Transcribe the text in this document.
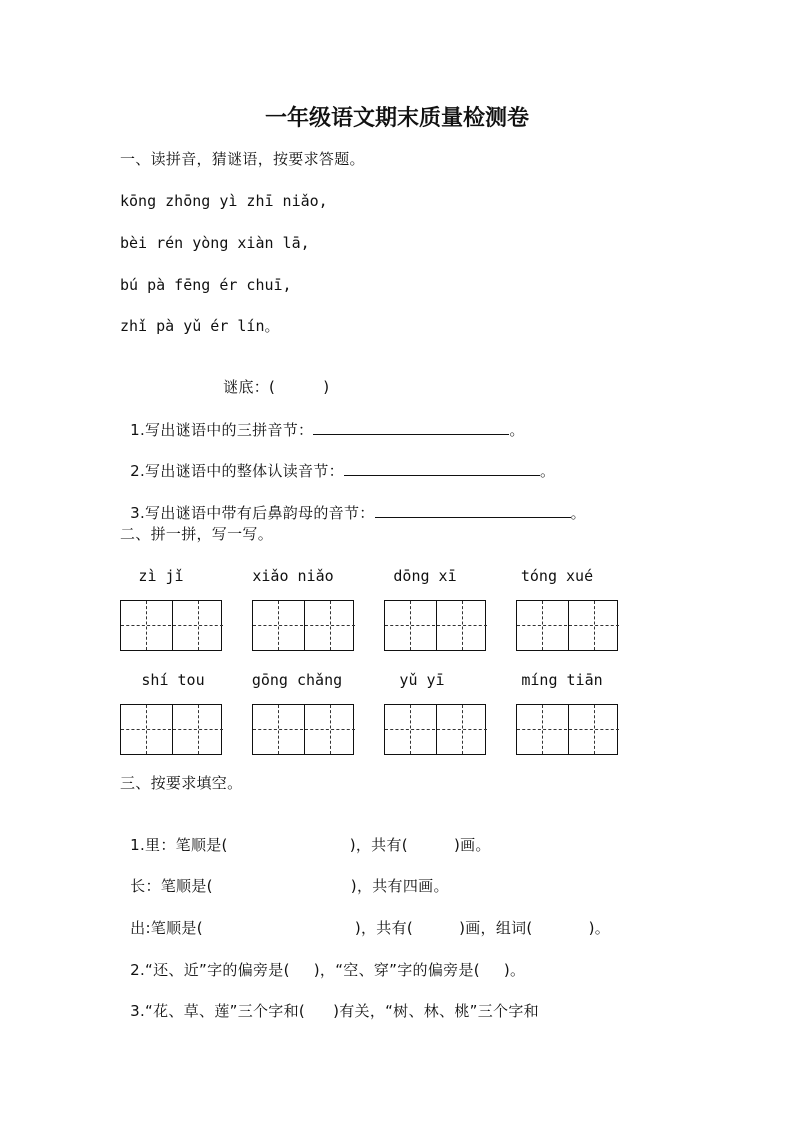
一年级语文期末质量检测卷
一、读拼音，猜谜语，按要求答题。
kōng zhōng yì zhī niǎo,
bèi rén yòng xiàn lā,
bú pà fēng ér chuī,
zhǐ pà yǔ ér lín。

谜底：(	)

1.写出谜语中的三拼音节：	。

2.写出谜语中的整体认读音节：	。

3.写出谜语中带有后鼻韵母的音节：	。

二、拼一拼，写一写。
zì jǐ	xiǎo niǎo	dōng xī	tóng xué
shí tou	gōng chǎng	yǔ yī	míng tiān
三、按要求填空。

1.里：笔顺是(	)，共有(	)画。

长：笔顺是(	)，共有四画。

出:笔顺是(	)，共有(	)画，组词(	)。

2.“还、近”字的偏旁是( )，“空、穿”字的偏旁是( )。

3.“花、草、莲”三个字和( )有关，“树、林、桃”三个字和
